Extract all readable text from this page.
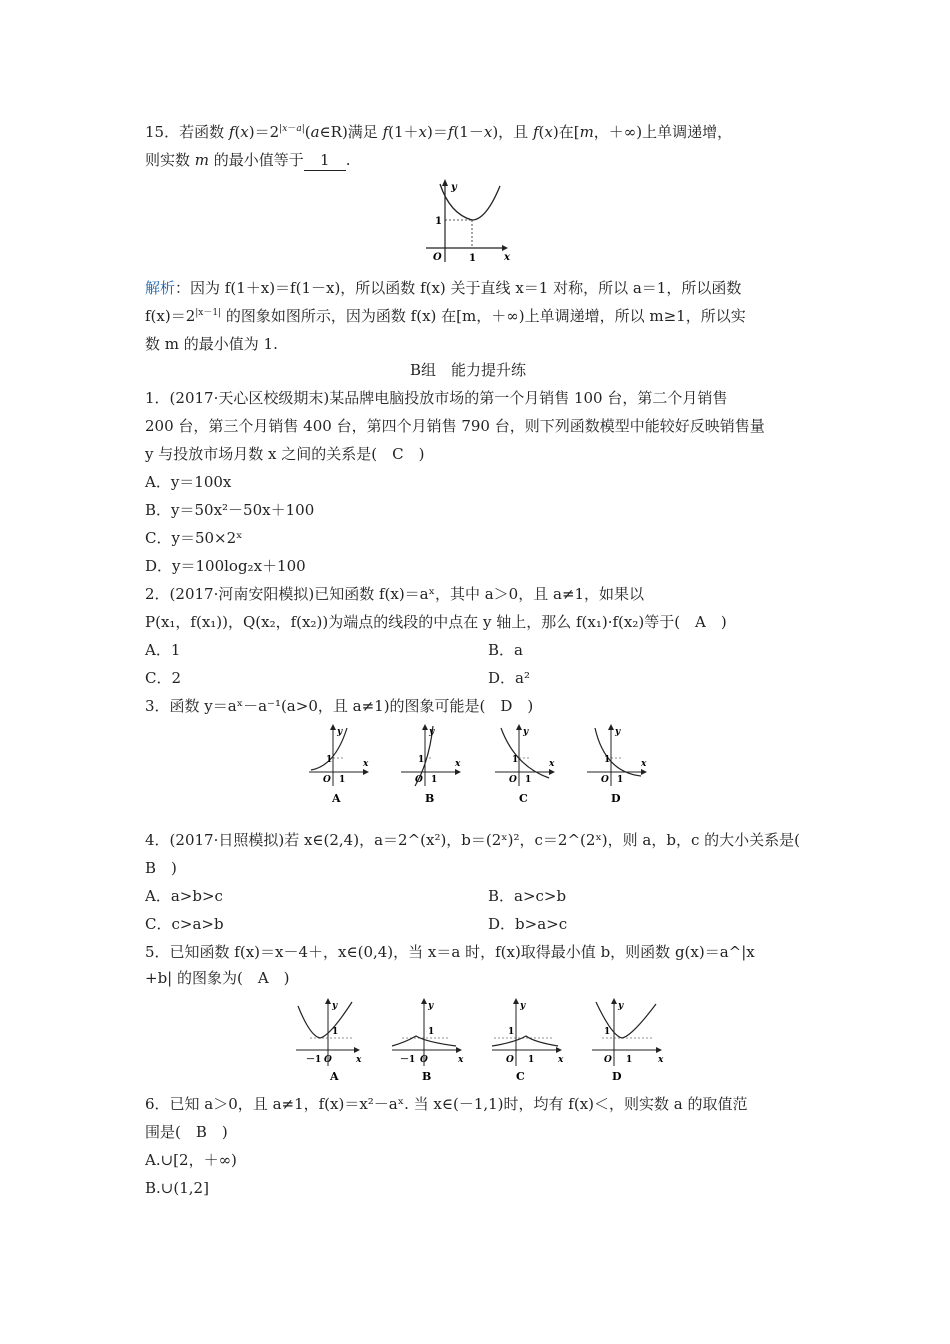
15．若函数 $f(x)=2^{|x-a|}(a\in R)$满足 f(1＋x)＝f(1－x)，且 f(x)在[m，＋∞)上单调递增，
则实数 m 的最小值等于 1 .
y
x
O
1
1
解析：因为 f(1＋x)＝f(1－x)，所以函数 f(x) 关于直线 x＝1 对称，所以 a＝1，所以函数
$f(x)=2^{|x-1|}$ 的图象如图所示，因为函数 f(x) 在[m，＋∞)上单调递增，所以 m≥1，所以实
数 m 的最小值为 1.
B组　能力提升练
1．(2017·天心区校级期末)某品牌电脑投放市场的第一个月销售 100 台，第二个月销售
200 台，第三个月销售 400 台，第四个月销售 790 台，则下列函数模型中能较好反映销售量
y 与投放市场月数 x 之间的关系是(　C　)
A．y＝100x
B．y＝50x²－50x＋100
C．y＝50×2ˣ
D．y＝100log₂x＋100
2．(2017·河南安阳模拟)已知函数 f(x)＝aˣ，其中 a＞0，且 a≠1，如果以
P(x₁，f(x₁))，Q(x₂，f(x₂))为端点的线段的中点在 y 轴上，那么 f(x₁)·f(x₂)等于(　A　)
A．1	B．a
C．2	D．a²
3．函数 y＝aˣ－a⁻¹(a>0，且 a≠1)的图象可能是(　D　)
y
x
O
1
1
A
y
x
O
1
1
B
y
x
O
1
1
C
y
x
O
1
1
D
4．(2017·日照模拟)若 x∈(2,4)，a＝2^(x²)，b＝(2ˣ)²，c＝2^(2ˣ)，则 a，b，c 的大小关系是(
B　)
A．a>b>c	B．a>c>b
C．c>a>b	D．b>a>c
5．已知函数 f(x)＝x－4＋，x∈(0,4)，当 x＝a 时，f(x)取得最小值 b，则函数 g(x)＝a^|x
+b| 的图象为(　A　)
y
x
1
－1 O
A
y
x
1
－1 O
B
y
x
1
1
O
C
y
x
1
1
O
D
6．已知 a＞0，且 a≠1，f(x)＝x²－aˣ. 当 x∈(－1,1)时，均有 f(x)＜，则实数 a 的取值范
围是(　B　)
A.∪[2，＋∞)
B.∪(1,2]
